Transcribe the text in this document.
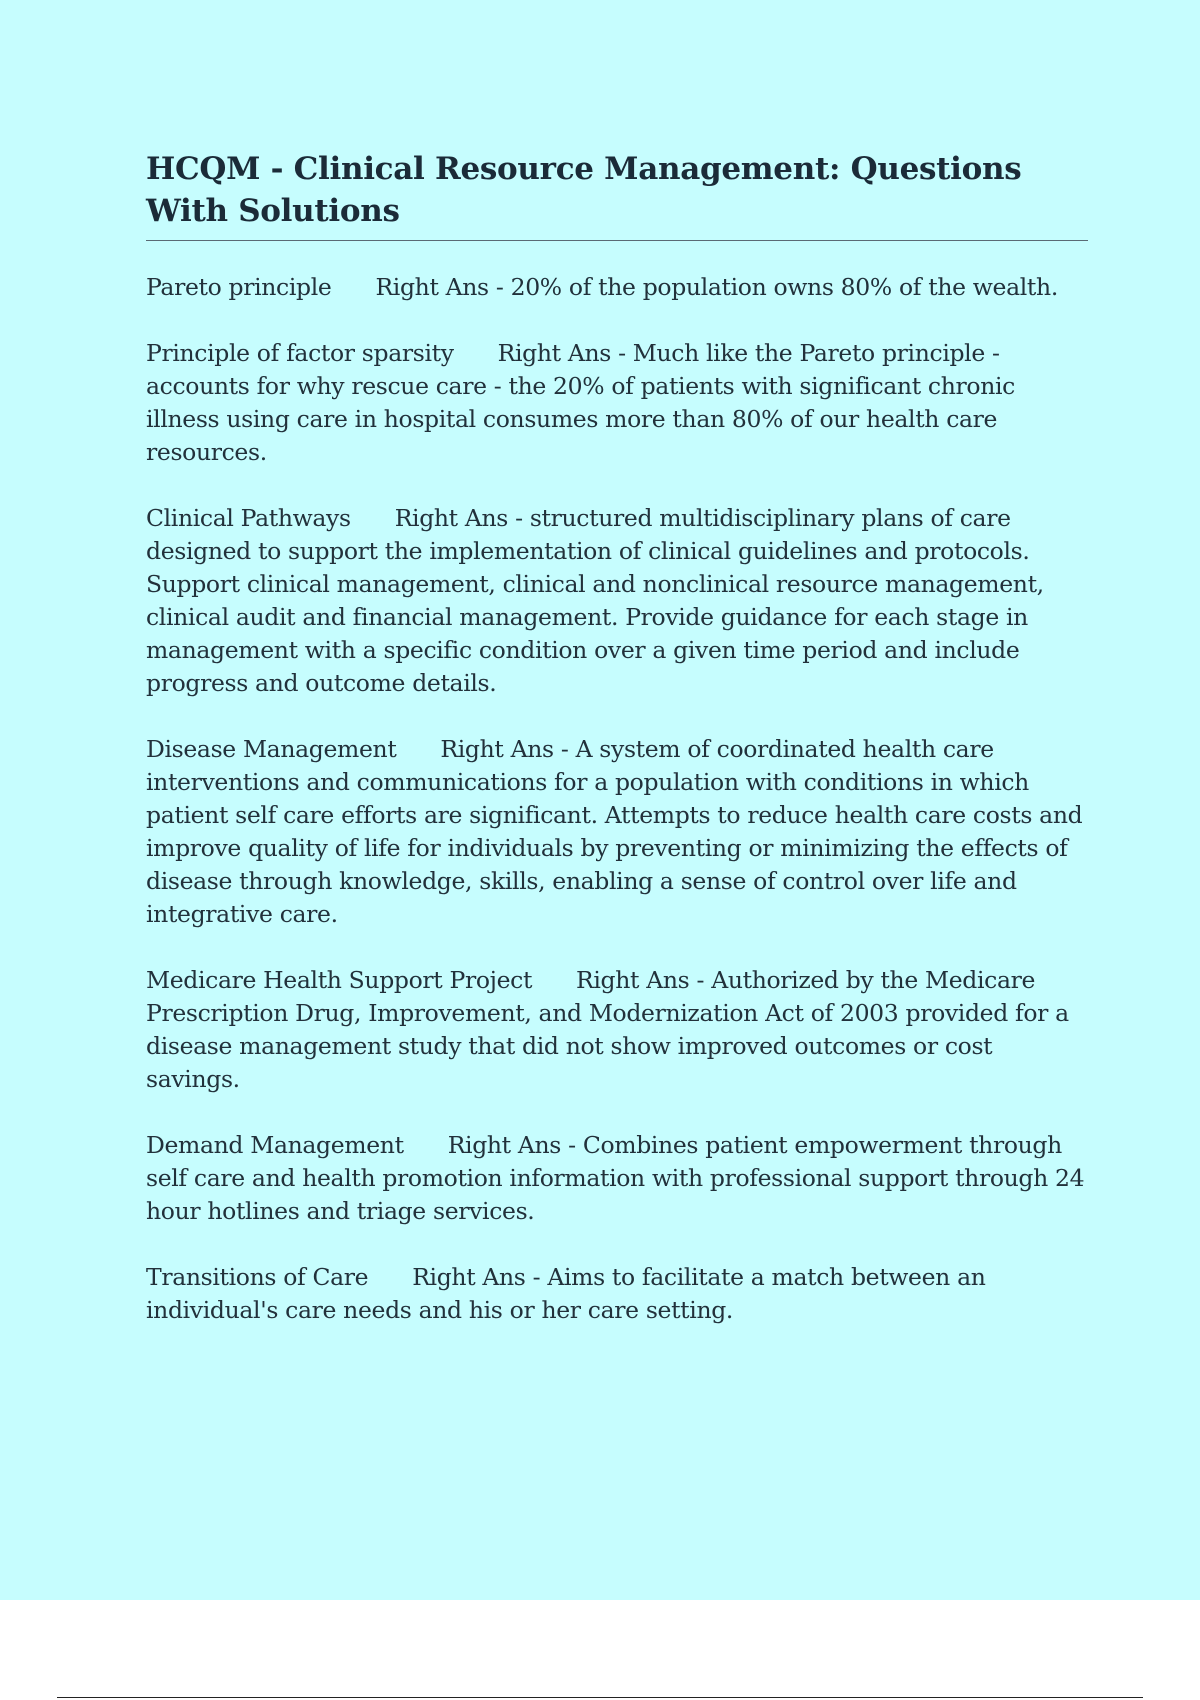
HCQM - Clinical Resource Management: Questions With Solutions

Pareto principle Right Ans - 20% of the population owns 80% of the wealth.

Principle of factor sparsity Right Ans - Much like the Pareto principle - accounts for why rescue care - the 20% of patients with significant chronic illness using care in hospital consumes more than 80% of our health care resources.

Clinical Pathways Right Ans - structured multidisciplinary plans of care designed to support the implementation of clinical guidelines and protocols. Support clinical management, clinical and nonclinical resource management, clinical audit and financial management. Provide guidance for each stage in management with a specific condition over a given time period and include progress and outcome details.

Disease Management Right Ans - A system of coordinated health care interventions and communications for a population with conditions in which patient self care efforts are significant. Attempts to reduce health care costs and improve quality of life for individuals by preventing or minimizing the effects of disease through knowledge, skills, enabling a sense of control over life and integrative care.

Medicare Health Support Project Right Ans - Authorized by the Medicare Prescription Drug, Improvement, and Modernization Act of 2003 provided for a disease management study that did not show improved outcomes or cost savings.

Demand Management Right Ans - Combines patient empowerment through self care and health promotion information with professional support through 24 hour hotlines and triage services.

Transitions of Care Right Ans - Aims to facilitate a match between an individual's care needs and his or her care setting.
